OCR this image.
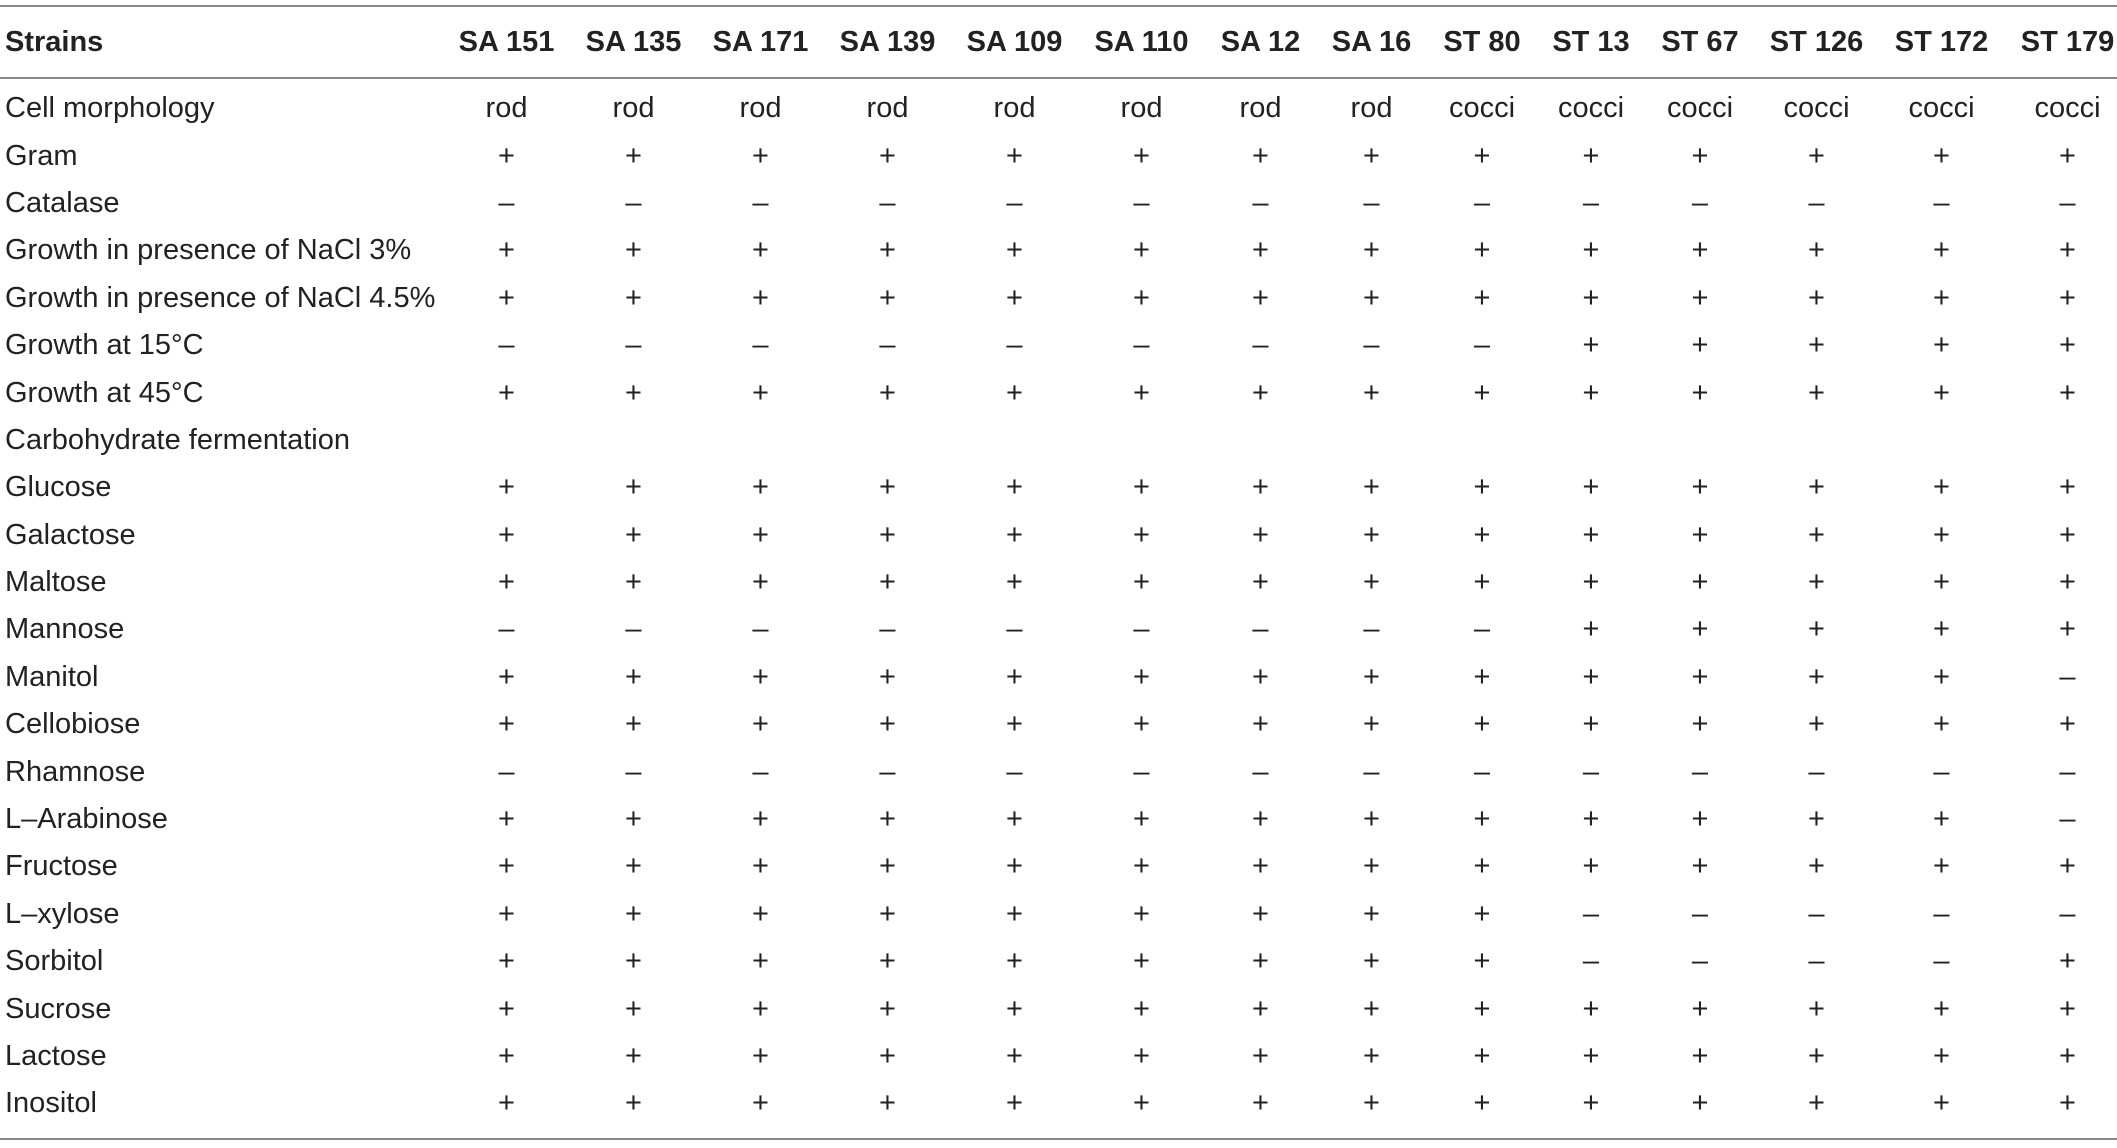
Strains	SA 151	SA 135	SA 171	SA 139	SA 109	SA 110	SA 12	SA 16	ST 80	ST 13	ST 67	ST 126	ST 172	ST 179
Cell morphology	rod	rod	rod	rod	rod	rod	rod	rod	cocci	cocci	cocci	cocci	cocci	cocci
Gram	+	+	+	+	+	+	+	+	+	+	+	+	+	+
Catalase	–	–	–	–	–	–	–	–	–	–	–	–	–	–
Growth in presence of NaCl 3%	+	+	+	+	+	+	+	+	+	+	+	+	+	+
Growth in presence of NaCl 4.5%	+	+	+	+	+	+	+	+	+	+	+	+	+	+
Growth at 15°C	–	–	–	–	–	–	–	–	–	+	+	+	+	+
Growth at 45°C	+	+	+	+	+	+	+	+	+	+	+	+	+	+
Carbohydrate fermentation														
Glucose	+	+	+	+	+	+	+	+	+	+	+	+	+	+
Galactose	+	+	+	+	+	+	+	+	+	+	+	+	+	+
Maltose	+	+	+	+	+	+	+	+	+	+	+	+	+	+
Mannose	–	–	–	–	–	–	–	–	–	+	+	+	+	+
Manitol	+	+	+	+	+	+	+	+	+	+	+	+	+	–
Cellobiose	+	+	+	+	+	+	+	+	+	+	+	+	+	+
Rhamnose	–	–	–	–	–	–	–	–	–	–	–	–	–	–
L–Arabinose	+	+	+	+	+	+	+	+	+	+	+	+	+	–
Fructose	+	+	+	+	+	+	+	+	+	+	+	+	+	+
L–xylose	+	+	+	+	+	+	+	+	+	–	–	–	–	–
Sorbitol	+	+	+	+	+	+	+	+	+	–	–	–	–	+
Sucrose	+	+	+	+	+	+	+	+	+	+	+	+	+	+
Lactose	+	+	+	+	+	+	+	+	+	+	+	+	+	+
Inositol	+	+	+	+	+	+	+	+	+	+	+	+	+	+
